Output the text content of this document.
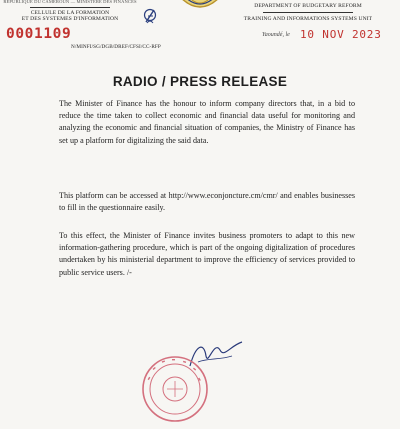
RÉPUBLIQUE DU CAMEROUN — MINISTÈRE DES FINANCES
CELLULE DE LA FORMATION
ET DES SYSTEMES D'INFORMATION
DEPARTMENT OF BUDGETARY REFORM
TRAINING AND INFORMATIONS SYSTEMS UNIT
0001109
N/MINFI/SG/DGB/DREF/CFSI/CC-RFP
Yaoundé, le 10 NOV 2023
RADIO / PRESS RELEASE
The Minister of Finance has the honour to inform company directors that, in a bid to reduce the time taken to collect economic and financial data useful for monitoring and analyzing the economic and financial situation of companies, the Ministry of Finance has set up a platform for digitalizing the said data.
This platform can be accessed at http://www.econjoncture.cm/cmr/ and enables businesses to fill in the questionnaire easily.
To this effect, the Minister of Finance invites business promoters to adapt to this new information-gathering procedure, which is part of the ongoing digitalization of procedures undertaken by his ministerial department to improve the efficiency of services provided to public service users. /-
